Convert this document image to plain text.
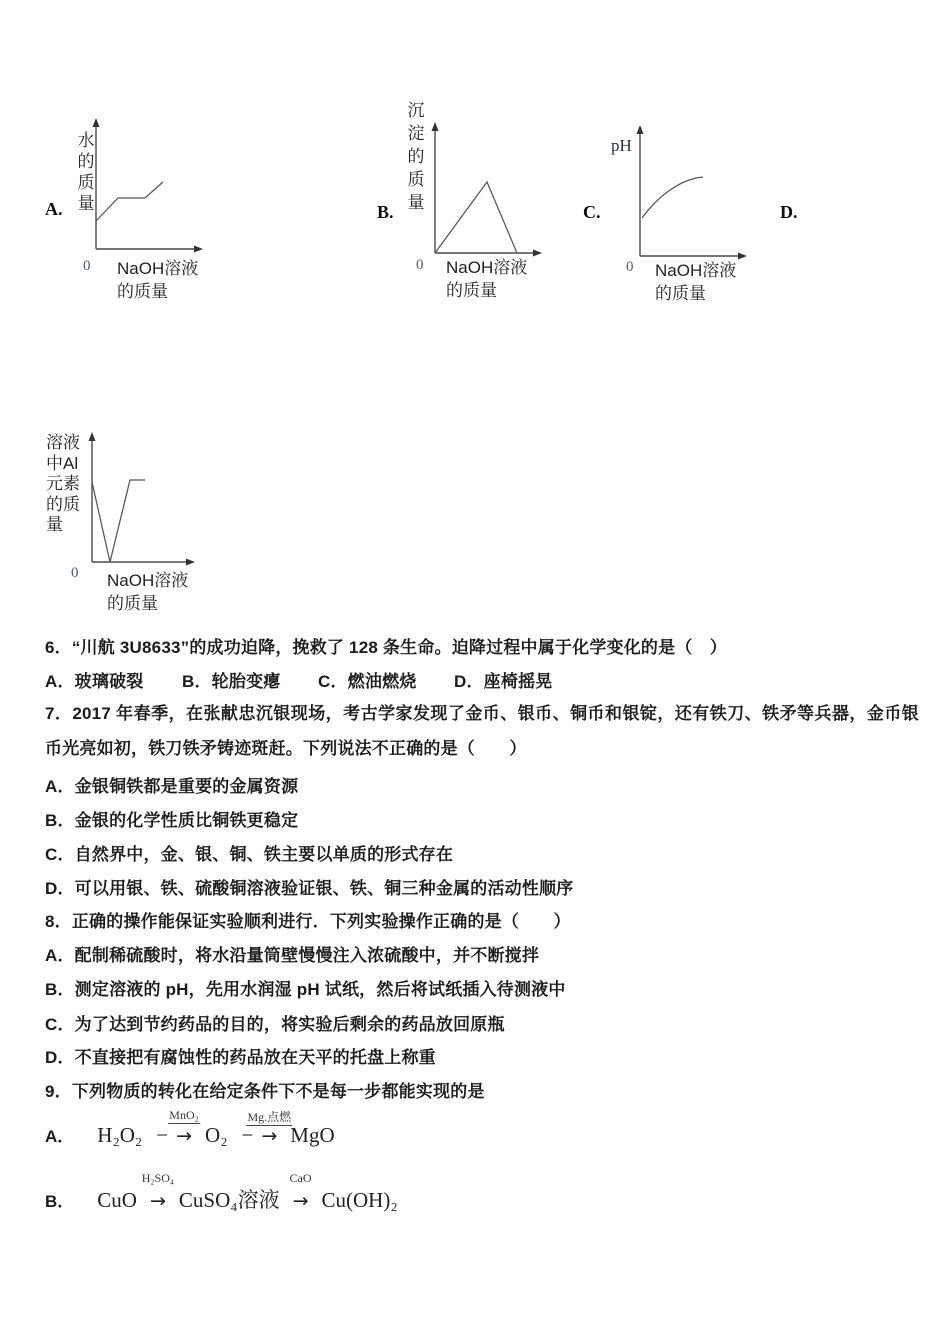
A.
水的质量
0 NaOH溶液
的质量
B.
沉淀的质量
0 NaOH溶液
的质量
C.
pH
0 NaOH溶液
的质量
D.
溶液
中Al
元素
的质
量
0 NaOH溶液
的质量
6．“川航 3U8633”的成功迫降，挽救了 128 条生命。迫降过程中属于化学变化的是（　）
A．玻璃破裂 B．轮胎变瘪 C．燃油燃烧 D．座椅摇晃
7．2017 年春季，在张献忠沉银现场，考古学家发现了金币、银币、铜币和银锭，还有铁刀、铁矛等兵器，金币银币光亮如初，铁刀铁矛铸迹斑赶。下列说法不正确的是（　　）
A．金银铜铁都是重要的金属资源
B．金银的化学性质比铜铁更稳定
C．自然界中，金、银、铜、铁主要以单质的形式存在
D．可以用银、铁、硫酸铜溶液验证银、铁、铜三种金属的活动性顺序
8．正确的操作能保证实验顺利进行．下列实验操作正确的是（　　）
A．配制稀硫酸时，将水沿量筒壁慢慢注入浓硫酸中，并不断搅拌
B．测定溶液的 pH，先用水润湿 pH 试纸，然后将试纸插入待测液中
C．为了达到节约药品的目的，将实验后剩余的药品放回原瓶
D．不直接把有腐蚀性的药品放在天平的托盘上称重
9．下列物质的转化在给定条件下不是每一步都能实现的是
A． H₂O₂ −
MnO₂
→ O₂ −
Mg.点燃
→ MgO
B． CuO
H₂SO₄
→ CuSO₄溶液
CaO
→ Cu(OH)₂
